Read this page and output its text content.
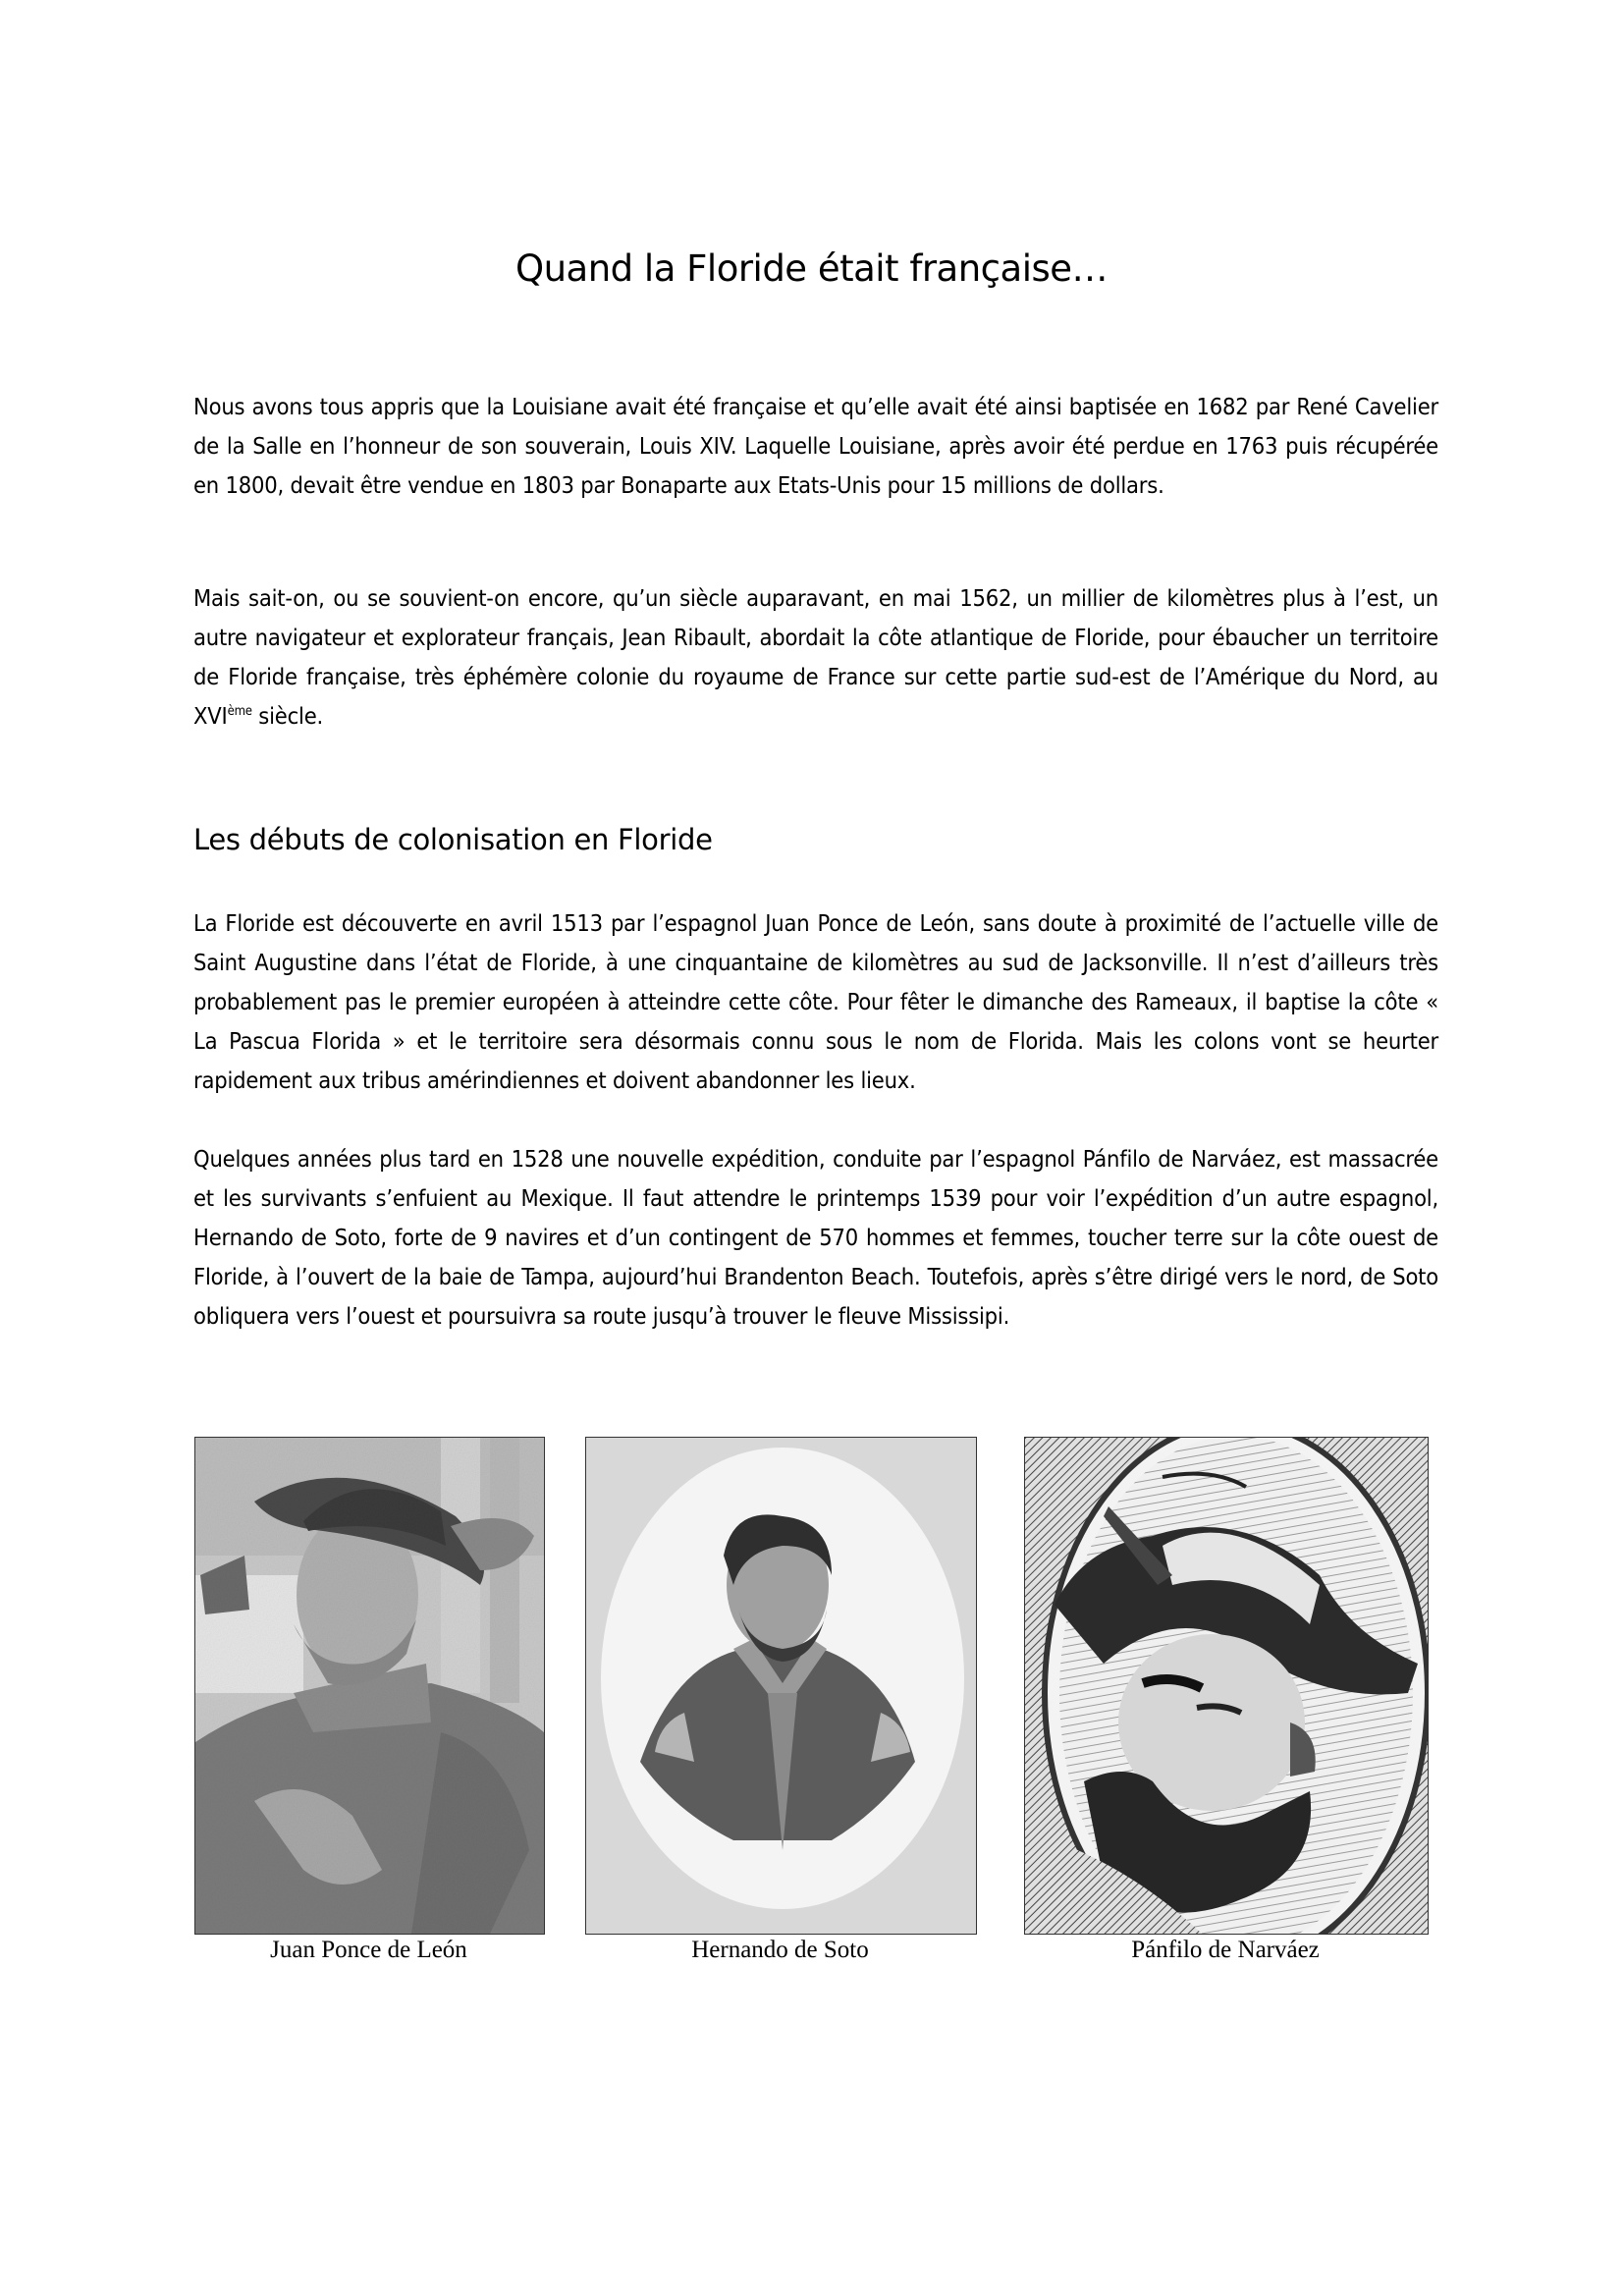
Quand la Floride était française…

Nous avons tous appris que la Louisiane avait été française et qu’elle avait été ainsi baptisée en 1682 par René Cavelier de la Salle en l’honneur de son souverain, Louis XIV. Laquelle Louisiane, après avoir été perdue en 1763 puis récupérée en 1800, devait être vendue en 1803 par Bonaparte aux Etats-Unis pour 15 millions de dollars.

Mais sait-on, ou se souvient-on encore, qu’un siècle auparavant, en mai 1562, un millier de kilomètres plus à l’est, un autre navigateur et explorateur français, Jean Ribault, abordait la côte atlantique de Floride, pour ébaucher un territoire de Floride française, très éphémère colonie du royaume de France sur cette partie sud-est de l’Amérique du Nord, au XVIème siècle.

Les débuts de colonisation en Floride

La Floride est découverte en avril 1513 par l’espagnol Juan Ponce de León, sans doute à proximité de l’actuelle ville de Saint Augustine dans l’état de Floride, à une cinquantaine de kilomètres au sud de Jacksonville. Il n’est d’ailleurs très probablement pas le premier européen à atteindre cette côte. Pour fêter le dimanche des Rameaux, il baptise la côte « La Pascua Florida » et le territoire sera désormais connu sous le nom de Florida. Mais les colons vont se heurter rapidement aux tribus amérindiennes et doivent abandonner les lieux.

Quelques années plus tard en 1528 une nouvelle expédition, conduite par l’espagnol Pánfilo de Narváez, est massacrée et les survivants s’enfuient au Mexique. Il faut attendre le printemps 1539 pour voir l’expédition d’un autre espagnol, Hernando de Soto, forte de 9 navires et d’un contingent de 570 hommes et femmes, toucher terre sur la côte ouest de Floride, à l’ouvert de la baie de Tampa, aujourd’hui Brandenton Beach. Toutefois, après s’être dirigé vers le nord, de Soto obliquera vers l’ouest et poursuivra sa route jusqu’à trouver le fleuve Mississipi.

Juan Ponce de León	Hernando de Soto	Pánfilo de Narváez
